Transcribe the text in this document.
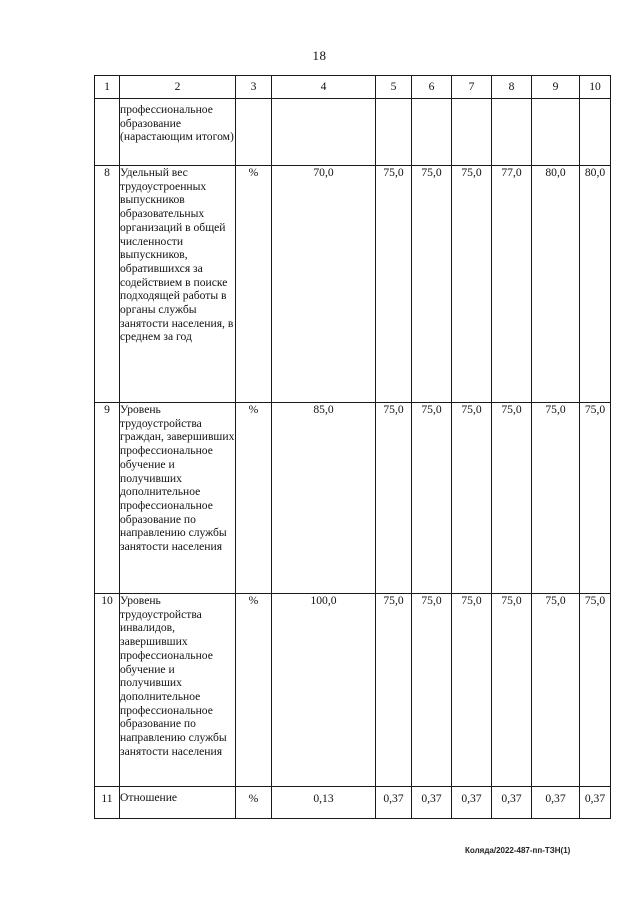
18
1	2	3	4	5	6	7	8	9	10
	профессиональное образование (нарастающим итогом)								
8	Удельный вес трудоустроенных выпускников образовательных организаций в общей численности выпускников, обратившихся за содействием в поиске подходящей работы в органы службы занятости населения, в среднем за год	%	70,0	75,0	75,0	75,0	77,0	80,0	80,0
9	Уровень трудоустройства граждан, завершивших профессиональное обучение и получивших дополнительное профессиональное образование по направлению службы занятости населения	%	85,0	75,0	75,0	75,0	75,0	75,0	75,0
10	Уровень трудоустройства инвалидов, завершивших профессиональное обучение и получивших дополнительное профессиональное образование по направлению службы занятости населения	%	100,0	75,0	75,0	75,0	75,0	75,0	75,0
11	Отношение	%	0,13	0,37	0,37	0,37	0,37	0,37	0,37
Коляда/2022-487-пп-ТЗН(1)
